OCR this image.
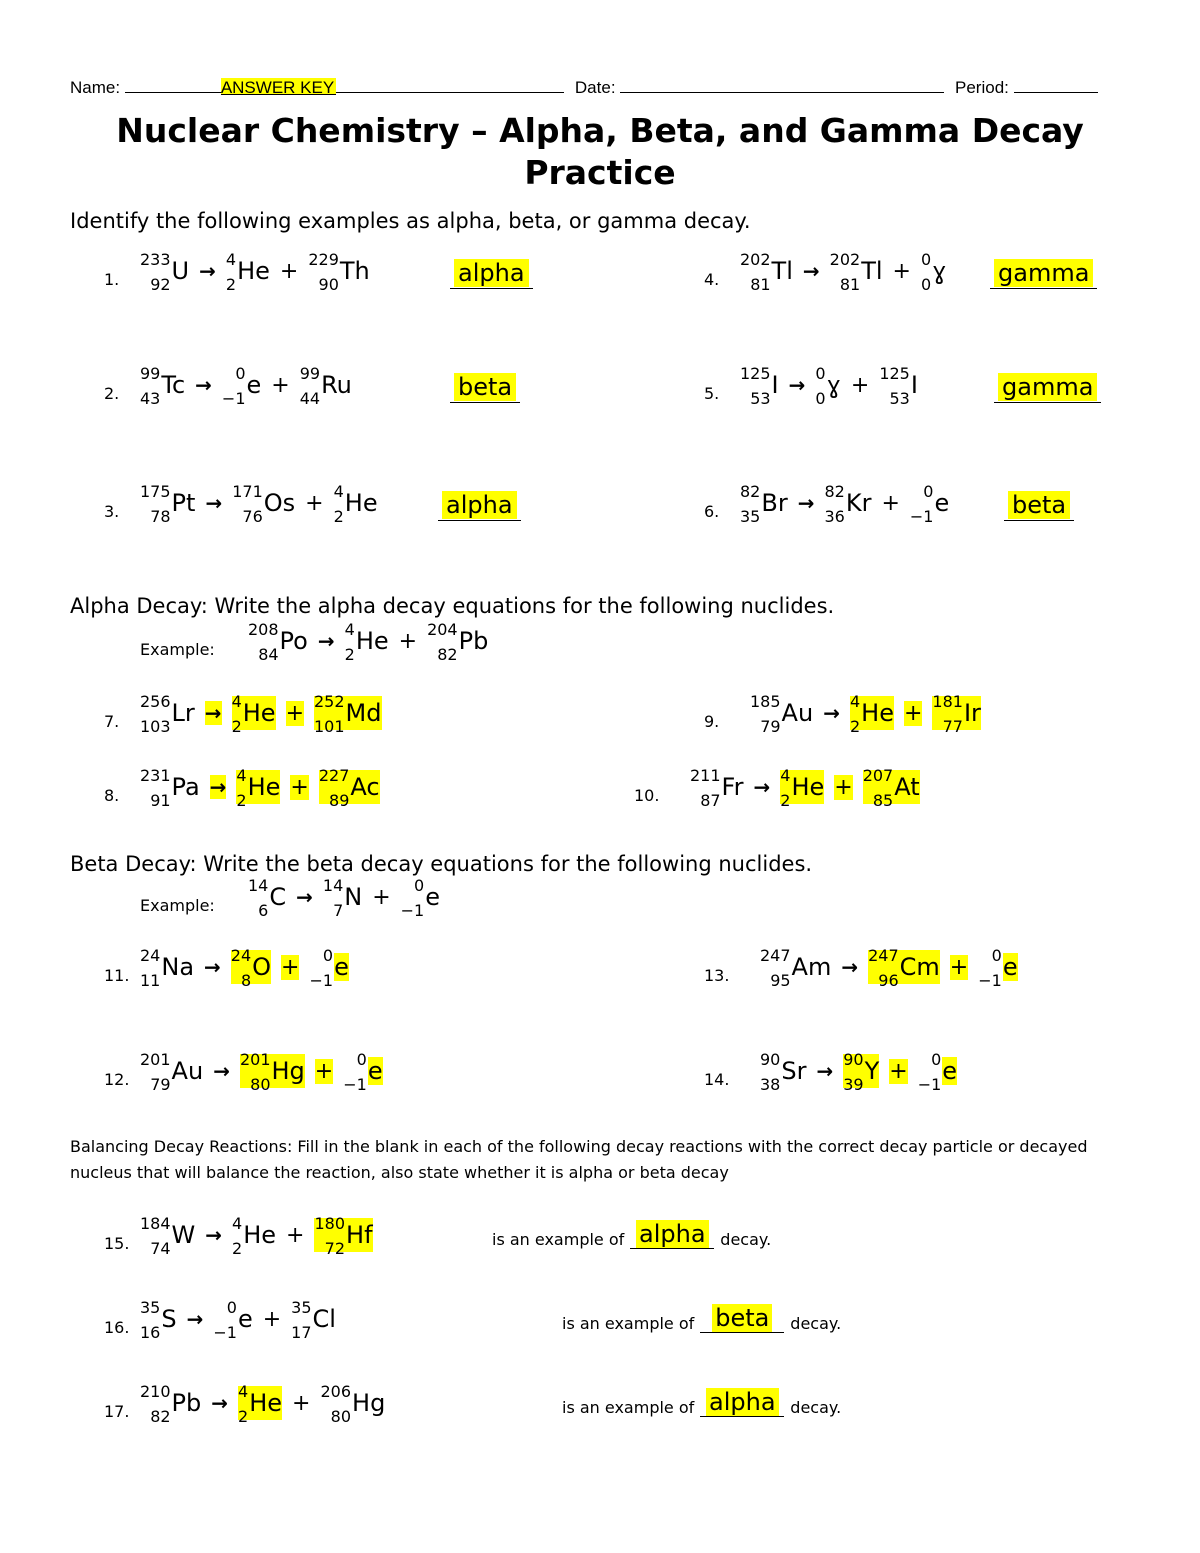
Name:	ANSWER KEY	Date:	Period:
Nuclear Chemistry – Alpha, Beta, and Gamma Decay
Practice
Identify the following examples as alpha, beta, or gamma decay.
Alpha Decay: Write the alpha decay equations for the following nuclides.
Beta Decay: Write the beta decay equations for the following nuclides.
Balancing Decay Reactions: Fill in the blank in each of the following decay reactions with the correct decay particle or decayed nucleus that will balance the reaction, also state whether it is alpha or beta decay
1.
233
92 U → 4
2 He + 229
90 Th	alpha
2.
99
43 Tc → 0
−1 e + 99
44 Ru	beta
3.
175
78 Pt → 171
76 Os + 4
2 He	alpha
4.
202
81 Tl → 202
81 Tl + 0
0 ɣ	gamma
5.
125
53 I → 0
0 ɣ + 125
53 I	gamma
6.
82
35 Br → 82
36 Kr + 0
−1 e	beta
Example:
208
84 Po → 4
2 He + 204
82 Pb
7.
256
103 Lr → 4
2 He + 252
101 Md
8.
231
91 Pa → 4
2 He + 227
89 Ac
9.
185
79 Au → 4
2 He + 181
77 Ir
10.
211
87 Fr → 4
2 He + 207
85 At
Example:
14
6 C → 14
7 N + 0
−1 e
11.
24
11 Na → 24
8 O + 0
−1 e
12.
201
79 Au → 201
80 Hg + 0
−1 e
13.
247
95 Am → 247
96 Cm + 0
−1 e
14.
90
38 Sr → 90
39 Y + 0
−1 e
15.
184
74 W → 4
2 He + 180
72 Hf	is an example of alpha decay.
16.
35
16 S → 0
−1 e + 35
17 Cl	is an example of beta	decay.
17.
210
82 Pb → 4
2 He + 206
80 Hg	is an example of alpha decay.
